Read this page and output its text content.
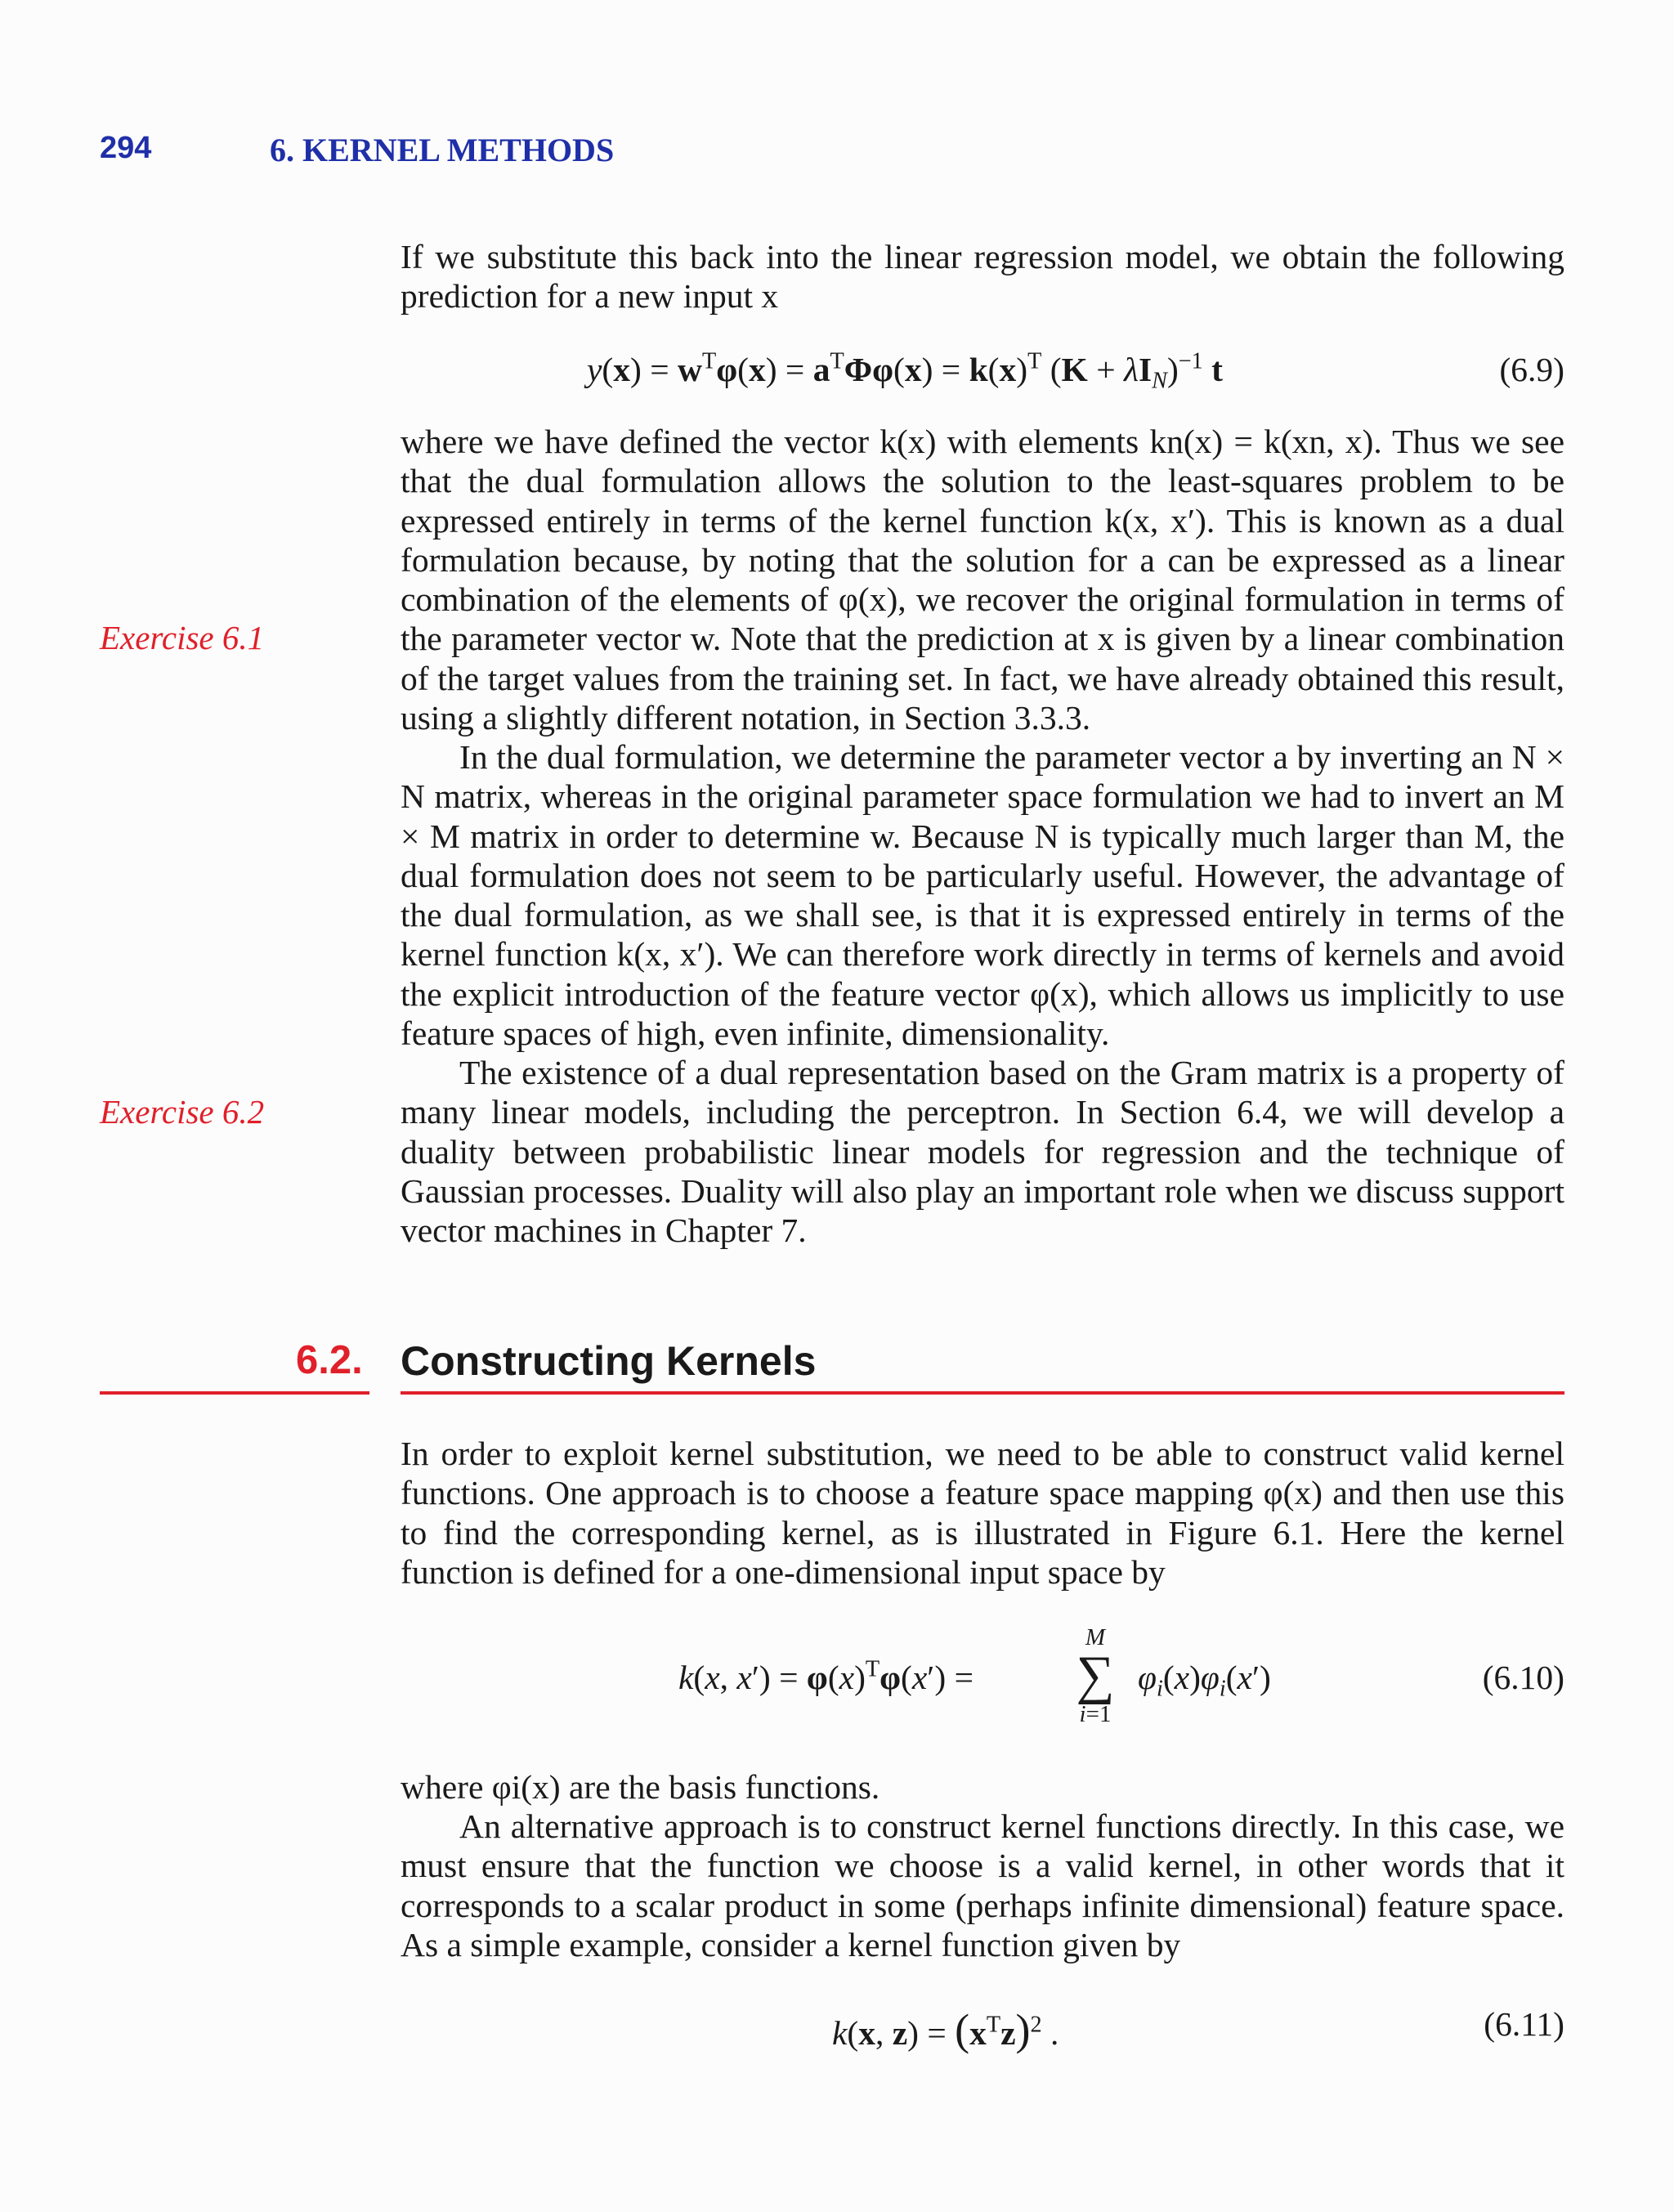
294	6. KERNEL METHODS

If we substitute this back into the linear regression model, we obtain the following prediction for a new input x

$y(x) = w^T\varphi(x) = a^T\Phi\varphi(x) = k(x)^T$ $(K + \lambda I_N)^{-1}$ t	(6.9)

where we have defined the vector k(x) with elements kn(x) = k(xn, x). Thus we see that the dual formulation allows the solution to the least-squares problem to be expressed entirely in terms of the kernel function k(x, x′). This is known as a dual formulation because, by noting that the solution for a can be expressed as a linear combination of the elements of φ(x), we recover the original formulation in terms of the parameter vector w. Note that the prediction at x is given by a linear combination of the target values from the training set. In fact, we have already obtained this result, using a slightly different notation, in Section 3.3.3.

Exercise 6.1

In the dual formulation, we determine the parameter vector a by inverting an N × N matrix, whereas in the original parameter space formulation we had to invert an M × M matrix in order to determine w. Because N is typically much larger than M, the dual formulation does not seem to be particularly useful. However, the advantage of the dual formulation, as we shall see, is that it is expressed entirely in terms of the kernel function k(x, x′). We can therefore work directly in terms of kernels and avoid the explicit introduction of the feature vector φ(x), which allows us implicitly to use feature spaces of high, even infinite, dimensionality.

The existence of a dual representation based on the Gram matrix is a property of many linear models, including the perceptron. In Section 6.4, we will develop a duality between probabilistic linear models for regression and the technique of Gaussian processes. Duality will also play an important role when we discuss support vector machines in Chapter 7.

Exercise 6.2
6.2. Constructing Kernels

In order to exploit kernel substitution, we need to be able to construct valid kernel functions. One approach is to choose a feature space mapping φ(x) and then use this to find the corresponding kernel, as is illustrated in Figure 6.1. Here the kernel function is defined for a one-dimensional input space by

k(x, $x') = \varphi(x)^T\varphi(x')$ =
M
∑
i=1
$\varphi_i(x)\varphi_i(x')$	(6.10)

where φi(x) are the basis functions.

An alternative approach is to construct kernel functions directly. In this case, we must ensure that the function we choose is a valid kernel, in other words that it corresponds to a scalar product in some (perhaps infinite dimensional) feature space. As a simple example, consider a kernel function given by

k(x, $z) = (x^Tz)^2$ .	(6.11)
